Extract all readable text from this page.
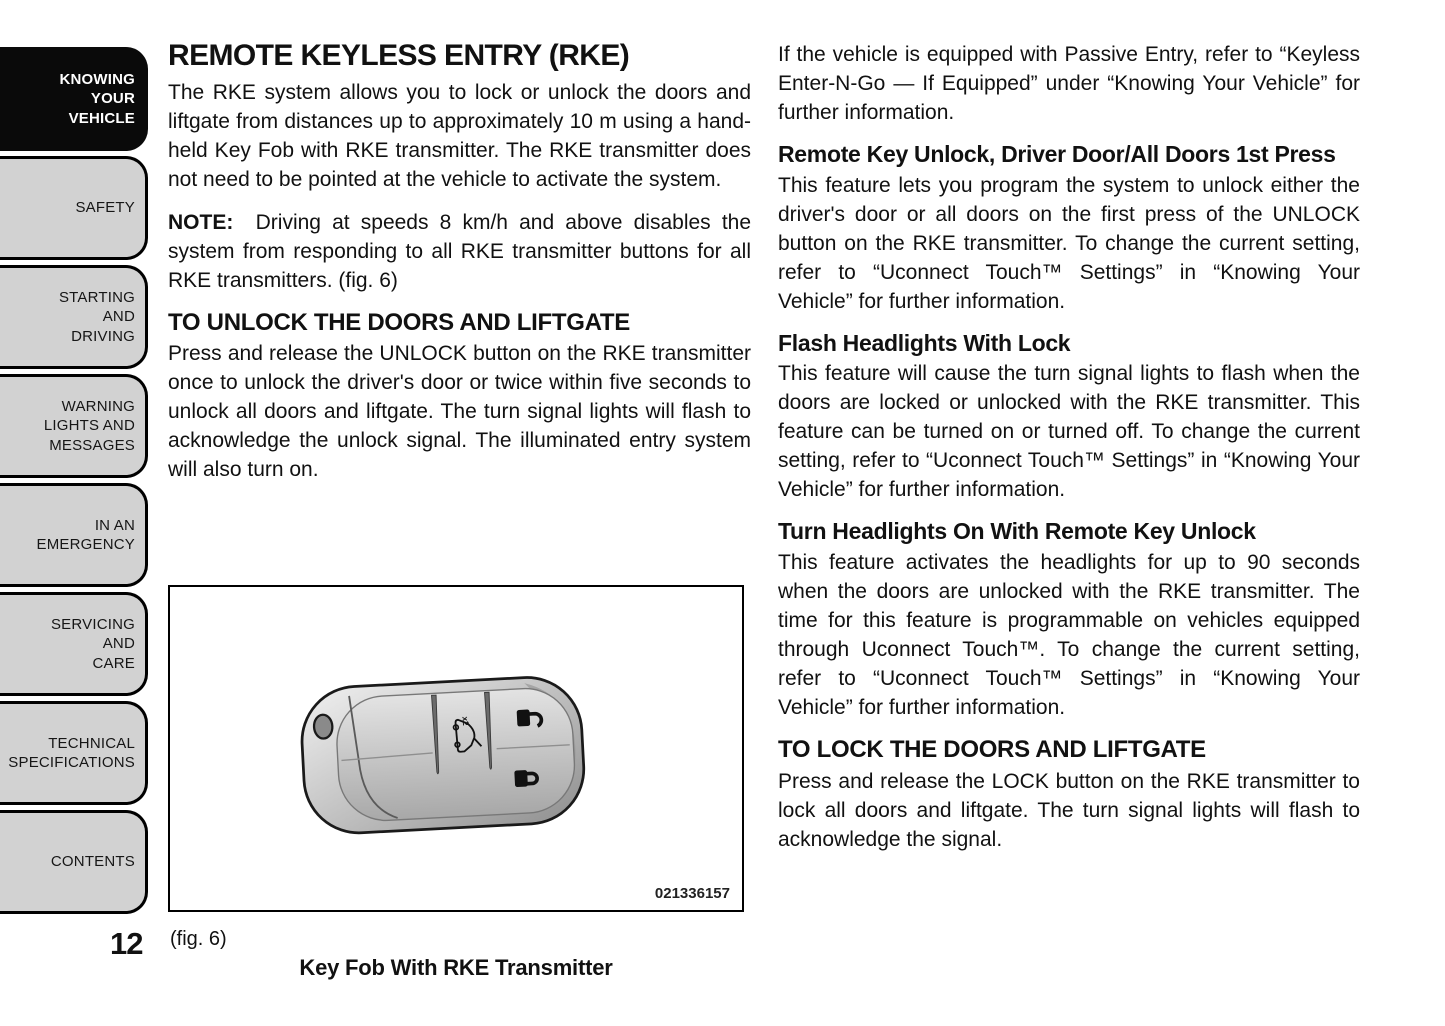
KNOWING
YOUR
VEHICLE
SAFETY
STARTING
AND
DRIVING
WARNING
LIGHTS AND
MESSAGES
IN AN
EMERGENCY
SERVICING
AND
CARE
TECHNICAL
SPECIFICATIONS
CONTENTS
12
REMOTE KEYLESS ENTRY (RKE)

The RKE system allows you to lock or unlock the doors and liftgate from distances up to approximately 10 m using a hand-held Key Fob with RKE transmitter. The RKE transmitter does not need to be pointed at the vehicle to activate the system.

NOTE: Driving at speeds 8 km/h and above disables the system from responding to all RKE transmitter buttons for all RKE transmitters. (fig. 6)

TO UNLOCK THE DOORS AND LIFTGATE

Press and release the UNLOCK button on the RKE transmitter once to unlock the driver's door or twice within five seconds to unlock all doors and liftgate. The turn signal lights will flash to acknowledge the unlock signal. The illuminated entry system will also turn on.

x2
021336157
(fig. 6)
Key Fob With RKE Transmitter

If the vehicle is equipped with Passive Entry, refer to “Keyless Enter-N-Go — If Equipped” under “Knowing Your Vehicle” for further information.

Remote Key Unlock, Driver Door/All Doors 1st Press

This feature lets you program the system to unlock either the driver's door or all doors on the first press of the UNLOCK button on the RKE transmitter. To change the current setting, refer to “Uconnect Touch™ Settings” in “Knowing Your Vehicle” for further information.

Flash Headlights With Lock

This feature will cause the turn signal lights to flash when the doors are locked or unlocked with the RKE transmitter. This feature can be turned on or turned off. To change the current setting, refer to “Uconnect Touch™ Settings” in “Knowing Your Vehicle” for further information.

Turn Headlights On With Remote Key Unlock

This feature activates the headlights for up to 90 seconds when the doors are unlocked with the RKE transmitter. The time for this feature is programmable on vehicles equipped through Uconnect Touch™. To change the current setting, refer to “Uconnect Touch™ Settings” in “Knowing Your Vehicle” for further information.

TO LOCK THE DOORS AND LIFTGATE

Press and release the LOCK button on the RKE transmitter to lock all doors and liftgate. The turn signal lights will flash to acknowledge the signal.
